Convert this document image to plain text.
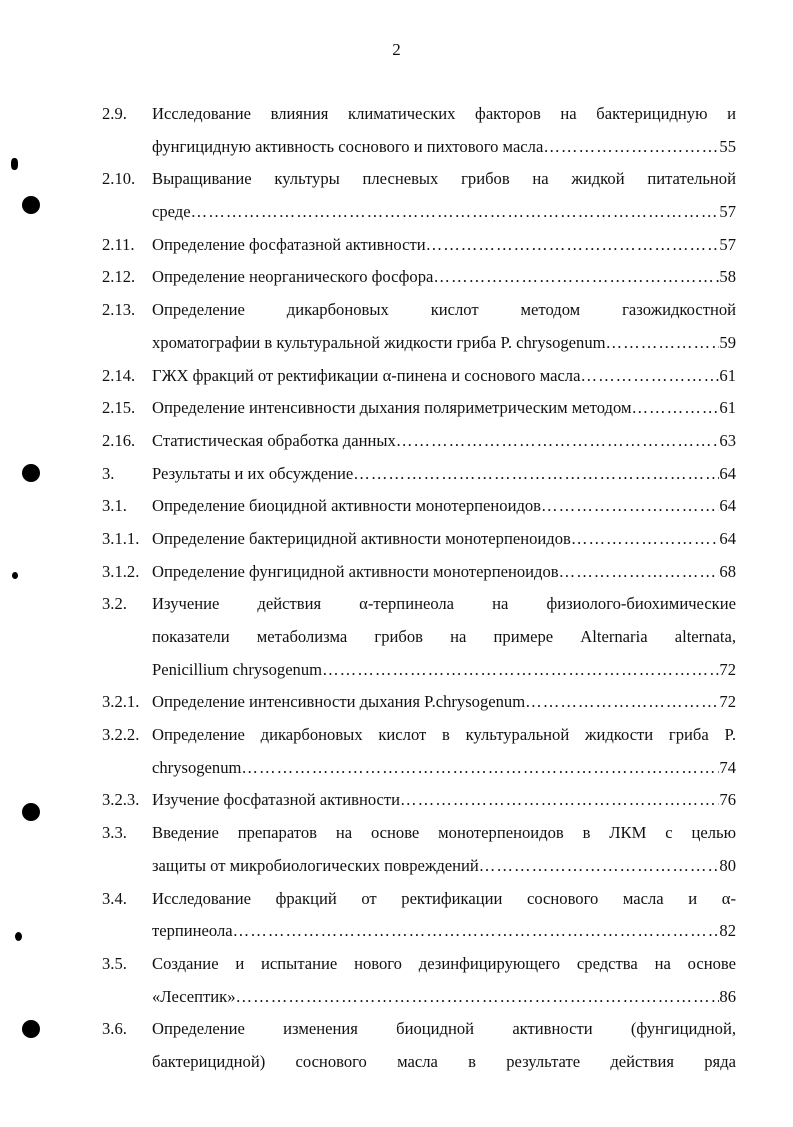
2
2.9.	Исследование влияния климатических факторов на бактерицидную и
фунгицидную активность соснового и пихтового масла …………………………………………………………………………………………………………………………………………………	55
2.10.	Выращивание культуры плесневых грибов на жидкой питательной
среде …………………………………………………………………………………………………………………………………………………	57
2.11.	Определение фосфатазной активности …………………………………………………………………………………………………………………………………………………	57
2.12.	Определение неорганического фосфора …………………………………………………………………………………………………………………………………………………	58
2.13.	Определение дикарбоновых кислот методом газожидкостной
хроматографии в культуральной жидкости гриба P. chrysogenum …………………………………………………………………………………………………………………………………………………	59
2.14.	ГЖХ фракций от ректификации α-пинена и соснового масла …………………………………………………………………………………………………………………………………………………	61
2.15.	Определение интенсивности дыхания поляриметрическим методом …………………………………………………………………………………………………………………………………………………	61
2.16.	Статистическая обработка данных …………………………………………………………………………………………………………………………………………………	63
3.	Результаты и их обсуждение …………………………………………………………………………………………………………………………………………………	64
3.1.	Определение биоцидной активности монотерпеноидов …………………………………………………………………………………………………………………………………………………	64
3.1.1. Определение бактерицидной активности монотерпеноидов …………………………………………………………………………………………………………………………………………………	64
3.1.2. Определение фунгицидной активности монотерпеноидов …………………………………………………………………………………………………………………………………………………	68
3.2.	Изучение действия α-терпинеола на физиолого-биохимические
показатели метаболизма грибов на примере Alternaria alternata,
Penicillium chrysogenum …………………………………………………………………………………………………………………………………………………	72
3.2.1. Определение интенсивности дыхания P.chrysogenum …………………………………………………………………………………………………………………………………………………	72
3.2.2. Определение дикарбоновых кислот в культуральной жидкости гриба P.
chrysogenum …………………………………………………………………………………………………………………………………………………	74
3.2.3. Изучение фосфатазной активности …………………………………………………………………………………………………………………………………………………	76
3.3.	Введение препаратов на основе монотерпеноидов в ЛКМ с целью
защиты от микробиологических повреждений …………………………………………………………………………………………………………………………………………………	80
3.4.	Исследование фракций от ректификации соснового масла и α-
терпинеола …………………………………………………………………………………………………………………………………………………	82
3.5.	Создание и испытание нового дезинфицирующего средства на основе
«Лесептик» …………………………………………………………………………………………………………………………………………………	86
3.6.	Определение изменения биоцидной активности (фунгицидной,
бактерицидной) соснового масла в результате действия ряда
